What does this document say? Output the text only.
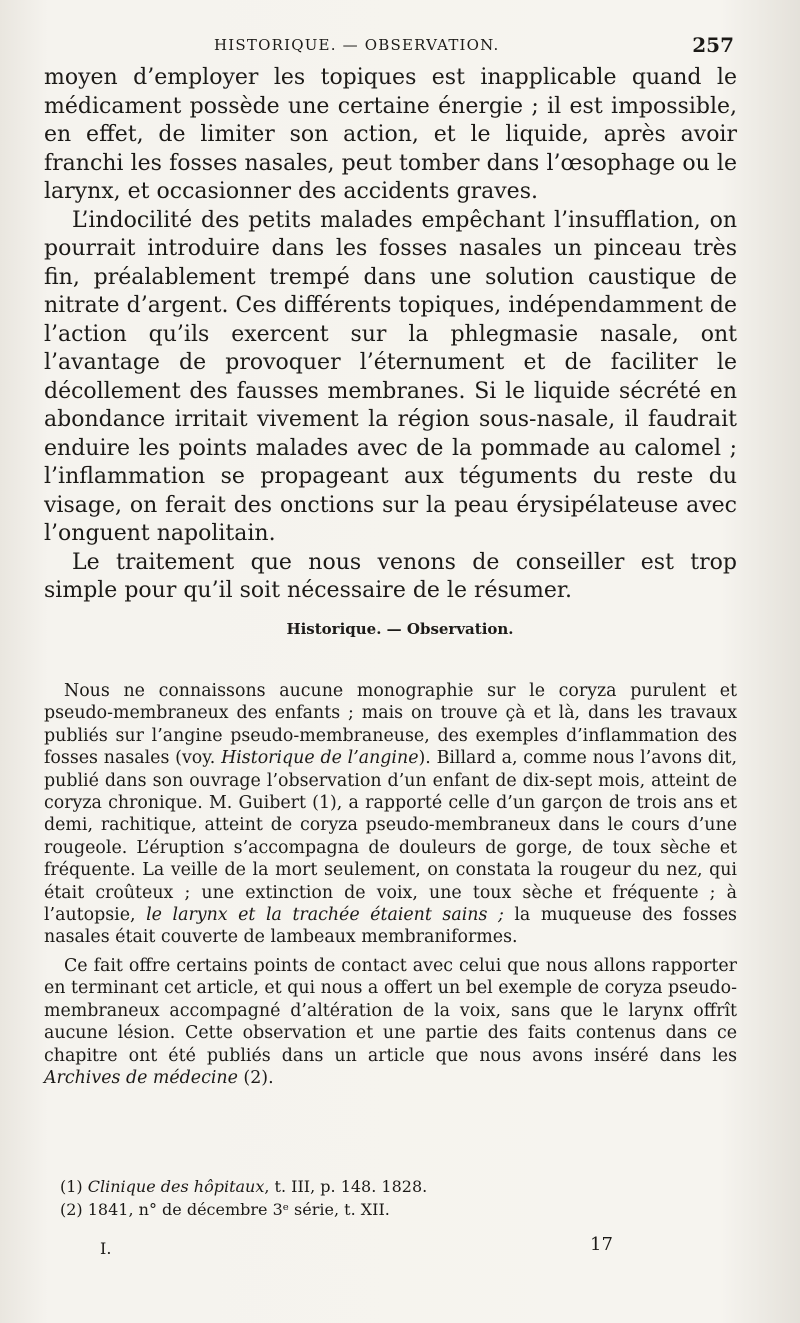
HISTORIQUE. — OBSERVATION.	257

moyen d’employer les topiques est inapplicable quand le médicament possède une certaine énergie ; il est impossible, en effet, de limiter son action, et le liquide, après avoir franchi les fosses nasales, peut tomber dans l’œsophage ou le larynx, et occasionner des accidents graves.

L’indocilité des petits malades empêchant l’insufflation, on pourrait introduire dans les fosses nasales un pinceau très fin, préalablement trempé dans une solution caustique de nitrate d’argent. Ces différents topiques, indépendamment de l’action qu’ils exercent sur la phlegmasie nasale, ont l’avantage de provoquer l’éternument et de faciliter le décollement des fausses membranes. Si le liquide sécrété en abondance irritait vivement la région sous-nasale, il faudrait enduire les points malades avec de la pommade au calomel ; l’inflammation se propageant aux téguments du reste du visage, on ferait des onctions sur la peau érysipélateuse avec l’onguent napolitain.

Le traitement que nous venons de conseiller est trop simple pour qu’il soit nécessaire de le résumer.

Historique. — Observation.

Nous ne connaissons aucune monographie sur le coryza purulent et pseudo-membraneux des enfants ; mais on trouve çà et là, dans les travaux publiés sur l’angine pseudo-membraneuse, des exemples d’inflammation des fosses nasales (voy. Historique de l’angine). Billard a, comme nous l’avons dit, publié dans son ouvrage l’observation d’un enfant de dix-sept mois, atteint de coryza chronique. M. Guibert (1), a rapporté celle d’un garçon de trois ans et demi, rachitique, atteint de coryza pseudo-membraneux dans le cours d’une rougeole. L’éruption s’accompagna de douleurs de gorge, de toux sèche et fréquente. La veille de la mort seulement, on constata la rougeur du nez, qui était croûteux ; une extinction de voix, une toux sèche et fréquente ; à l’autopsie, le larynx et la trachée étaient sains ; la muqueuse des fosses nasales était couverte de lambeaux membraniformes.

Ce fait offre certains points de contact avec celui que nous allons rapporter en terminant cet article, et qui nous a offert un bel exemple de coryza pseudo-membraneux accompagné d’altération de la voix, sans que le larynx offrît aucune lésion. Cette observation et une partie des faits contenus dans ce chapitre ont été publiés dans un article que nous avons inséré dans les Archives de médecine (2).

(1) Clinique des hôpitaux, t. III, p. 148. 1828.
(2) 1841, n° de décembre 3ᵉ série, t. XII.
I.	17
